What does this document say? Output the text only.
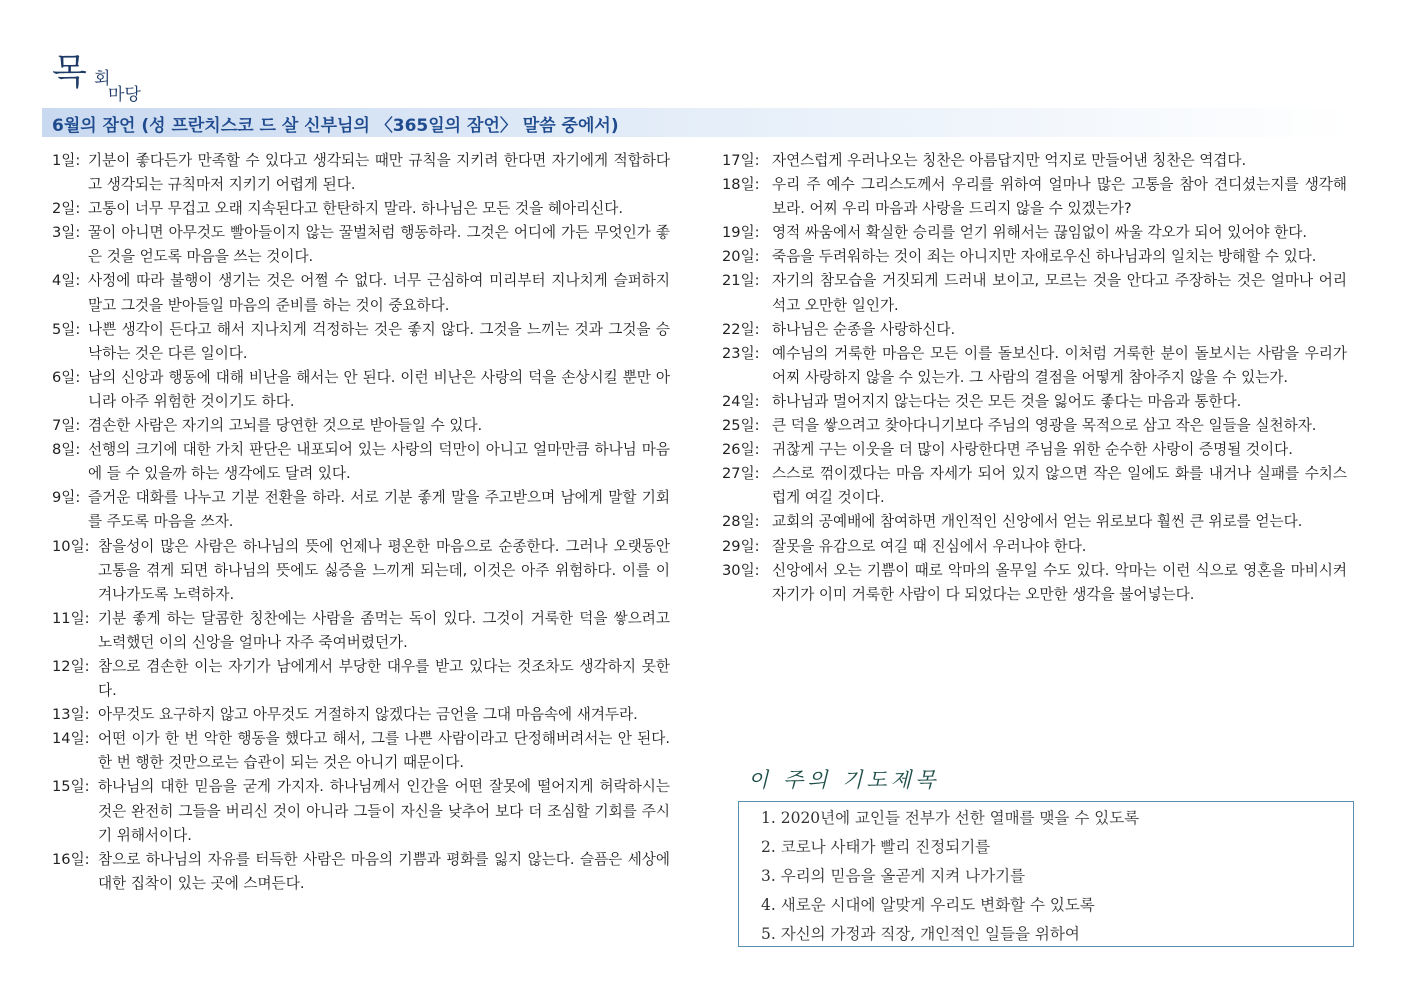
목 회
마당
6월의 잠언 (성 프란치스코 드 살 신부님의 〈365일의 잠언〉 말씀 중에서)
1일: 기분이 좋다든가 만족할 수 있다고 생각되는 때만 규칙을 지키려 한다면 자기에게 적합하다고 생각되는 규칙마저 지키기 어렵게 된다.
2일: 고통이 너무 무겁고 오래 지속된다고 한탄하지 말라. 하나님은 모든 것을 헤아리신다.
3일: 꿀이 아니면 아무것도 빨아들이지 않는 꿀벌처럼 행동하라. 그것은 어디에 가든 무엇인가 좋은 것을 얻도록 마음을 쓰는 것이다.
4일: 사정에 따라 불행이 생기는 것은 어쩔 수 없다. 너무 근심하여 미리부터 지나치게 슬퍼하지 말고 그것을 받아들일 마음의 준비를 하는 것이 중요하다.
5일: 나쁜 생각이 든다고 해서 지나치게 걱정하는 것은 좋지 않다. 그것을 느끼는 것과 그것을 승낙하는 것은 다른 일이다.
6일: 남의 신앙과 행동에 대해 비난을 해서는 안 된다. 이런 비난은 사랑의 덕을 손상시킬 뿐만 아니라 아주 위험한 것이기도 하다.
7일: 겸손한 사람은 자기의 고뇌를 당연한 것으로 받아들일 수 있다.
8일: 선행의 크기에 대한 가치 판단은 내포되어 있는 사랑의 덕만이 아니고 얼마만큼 하나님 마음에 들 수 있을까 하는 생각에도 달려 있다.
9일: 즐거운 대화를 나누고 기분 전환을 하라. 서로 기분 좋게 말을 주고받으며 남에게 말할 기회를 주도록 마음을 쓰자.
10일: 참을성이 많은 사람은 하나님의 뜻에 언제나 평온한 마음으로 순종한다. 그러나 오랫동안 고통을 겪게 되면 하나님의 뜻에도 싫증을 느끼게 되는데, 이것은 아주 위험하다. 이를 이겨나가도록 노력하자.
11일: 기분 좋게 하는 달콤한 칭찬에는 사람을 좀먹는 독이 있다. 그것이 거룩한 덕을 쌓으려고 노력했던 이의 신앙을 얼마나 자주 죽여버렸던가.
12일: 참으로 겸손한 이는 자기가 남에게서 부당한 대우를 받고 있다는 것조차도 생각하지 못한다.
13일: 아무것도 요구하지 않고 아무것도 거절하지 않겠다는 금언을 그대 마음속에 새겨두라.
14일: 어떤 이가 한 번 악한 행동을 했다고 해서, 그를 나쁜 사람이라고 단정해버려서는 안 된다. 한 번 행한 것만으로는 습관이 되는 것은 아니기 때문이다.
15일: 하나님의 대한 믿음을 굳게 가지자. 하나님께서 인간을 어떤 잘못에 떨어지게 허락하시는 것은 완전히 그들을 버리신 것이 아니라 그들이 자신을 낮추어 보다 더 조심할 기회를 주시기 위해서이다.
16일: 참으로 하나님의 자유를 터득한 사람은 마음의 기쁨과 평화를 잃지 않는다. 슬픔은 세상에 대한 집착이 있는 곳에 스며든다.
17일: 자연스럽게 우러나오는 칭찬은 아름답지만 억지로 만들어낸 칭찬은 역겹다.
18일: 우리 주 예수 그리스도께서 우리를 위하여 얼마나 많은 고통을 참아 견디셨는지를 생각해 보라. 어찌 우리 마음과 사랑을 드리지 않을 수 있겠는가?
19일: 영적 싸움에서 확실한 승리를 얻기 위해서는 끊임없이 싸울 각오가 되어 있어야 한다.
20일: 죽음을 두려워하는 것이 죄는 아니지만 자애로우신 하나님과의 일치는 방해할 수 있다.
21일: 자기의 참모습을 거짓되게 드러내 보이고, 모르는 것을 안다고 주장하는 것은 얼마나 어리석고 오만한 일인가.
22일: 하나님은 순종을 사랑하신다.
23일: 예수님의 거룩한 마음은 모든 이를 돌보신다. 이처럼 거룩한 분이 돌보시는 사람을 우리가 어찌 사랑하지 않을 수 있는가. 그 사람의 결점을 어떻게 참아주지 않을 수 있는가.
24일: 하나님과 멀어지지 않는다는 것은 모든 것을 잃어도 좋다는 마음과 통한다.
25일: 큰 덕을 쌓으려고 찾아다니기보다 주님의 영광을 목적으로 삼고 작은 일들을 실천하자.
26일: 귀찮게 구는 이웃을 더 많이 사랑한다면 주님을 위한 순수한 사랑이 증명될 것이다.
27일: 스스로 꺾이겠다는 마음 자세가 되어 있지 않으면 작은 일에도 화를 내거나 실패를 수치스럽게 여길 것이다.
28일: 교회의 공예배에 참여하면 개인적인 신앙에서 얻는 위로보다 훨씬 큰 위로를 얻는다.
29일: 잘못을 유감으로 여길 때 진심에서 우러나야 한다.
30일: 신앙에서 오는 기쁨이 때로 악마의 올무일 수도 있다. 악마는 이런 식으로 영혼을 마비시켜 자기가 이미 거룩한 사람이 다 되었다는 오만한 생각을 불어넣는다.
이 주의 기도제목
1. 2020년에 교인들 전부가 선한 열매를 맺을 수 있도록
2. 코로나 사태가 빨리 진정되기를
3. 우리의 믿음을 올곧게 지켜 나가기를
4. 새로운 시대에 알맞게 우리도 변화할 수 있도록
5. 자신의 가정과 직장, 개인적인 일들을 위하여
